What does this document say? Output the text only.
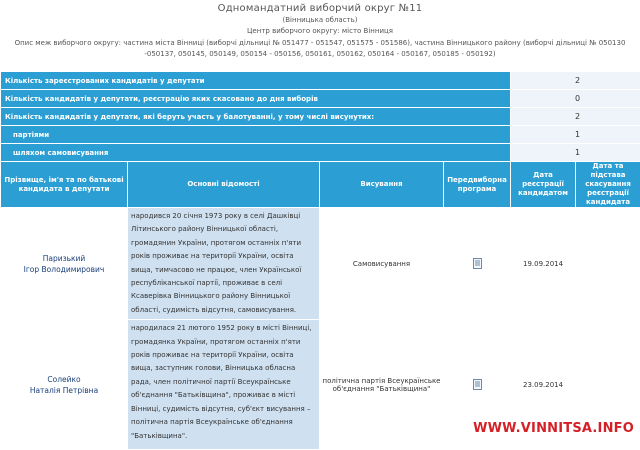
Одномандатний виборчий округ №11
(Вінницька область)
Центр виборчого округу: місто Вінниця
Опис меж виборчого округу: частина міста Вінниці (виборчі дільниці № 051477 - 051547, 051575 - 051586), частина Вінницького району (виборчі дільниці № 050130 -050137, 050145, 050149, 050154 - 050156, 050161, 050162, 050164 - 050167, 050185 - 050192)
Кількість зареєстрованих кандидатів у депутати				2	
Кількість кандидатів у депутати, реєстрацію яких скасовано до дня виборів				0	
Кількість кандидатів у депутати, які беруть участь у балотуванні, у тому числі висунутих:				2	
партіями				1	
шляхом самовисування				1	
Прізвище, ім'я та по батькові кандидата в депутати	Основні відомості	Висування	Передвиборна програма	Дата реєстрації кандидатом	Дата та підстава скасування реєстрації кандидата

Паризький
Ігор Володимирович	народився 20 січня 1973 року в селі Дашківці Літинського району Вінницької області, громадянин України, протягом останніх п'яти років проживає на території України, освіта вища, тимчасово не працює, член Української республіканської партії, проживає в селі Ксаверівка Вінницького району Вінницької області, судимість відсутня, самовисування.	Самовисування		19.09.2014	

Солейко
Наталія Петрівна	народилася 21 лютого 1952 року в місті Вінниці, громадянка України, протягом останніх п'яти років проживає на території України, освіта вища, заступник голови, Вінницька обласна рада, член політичної партії Всеукраїнське об'єднання "Батьківщина", проживає в місті Вінниці, судимість відсутня, суб'єкт висування – політична партія Всеукраїнське об'єднання "Батьківщина".	політична партія Всеукраїнське об'єднання "Батьківщина"		23.09.2014	
WWW.VINNITSA.INFO
